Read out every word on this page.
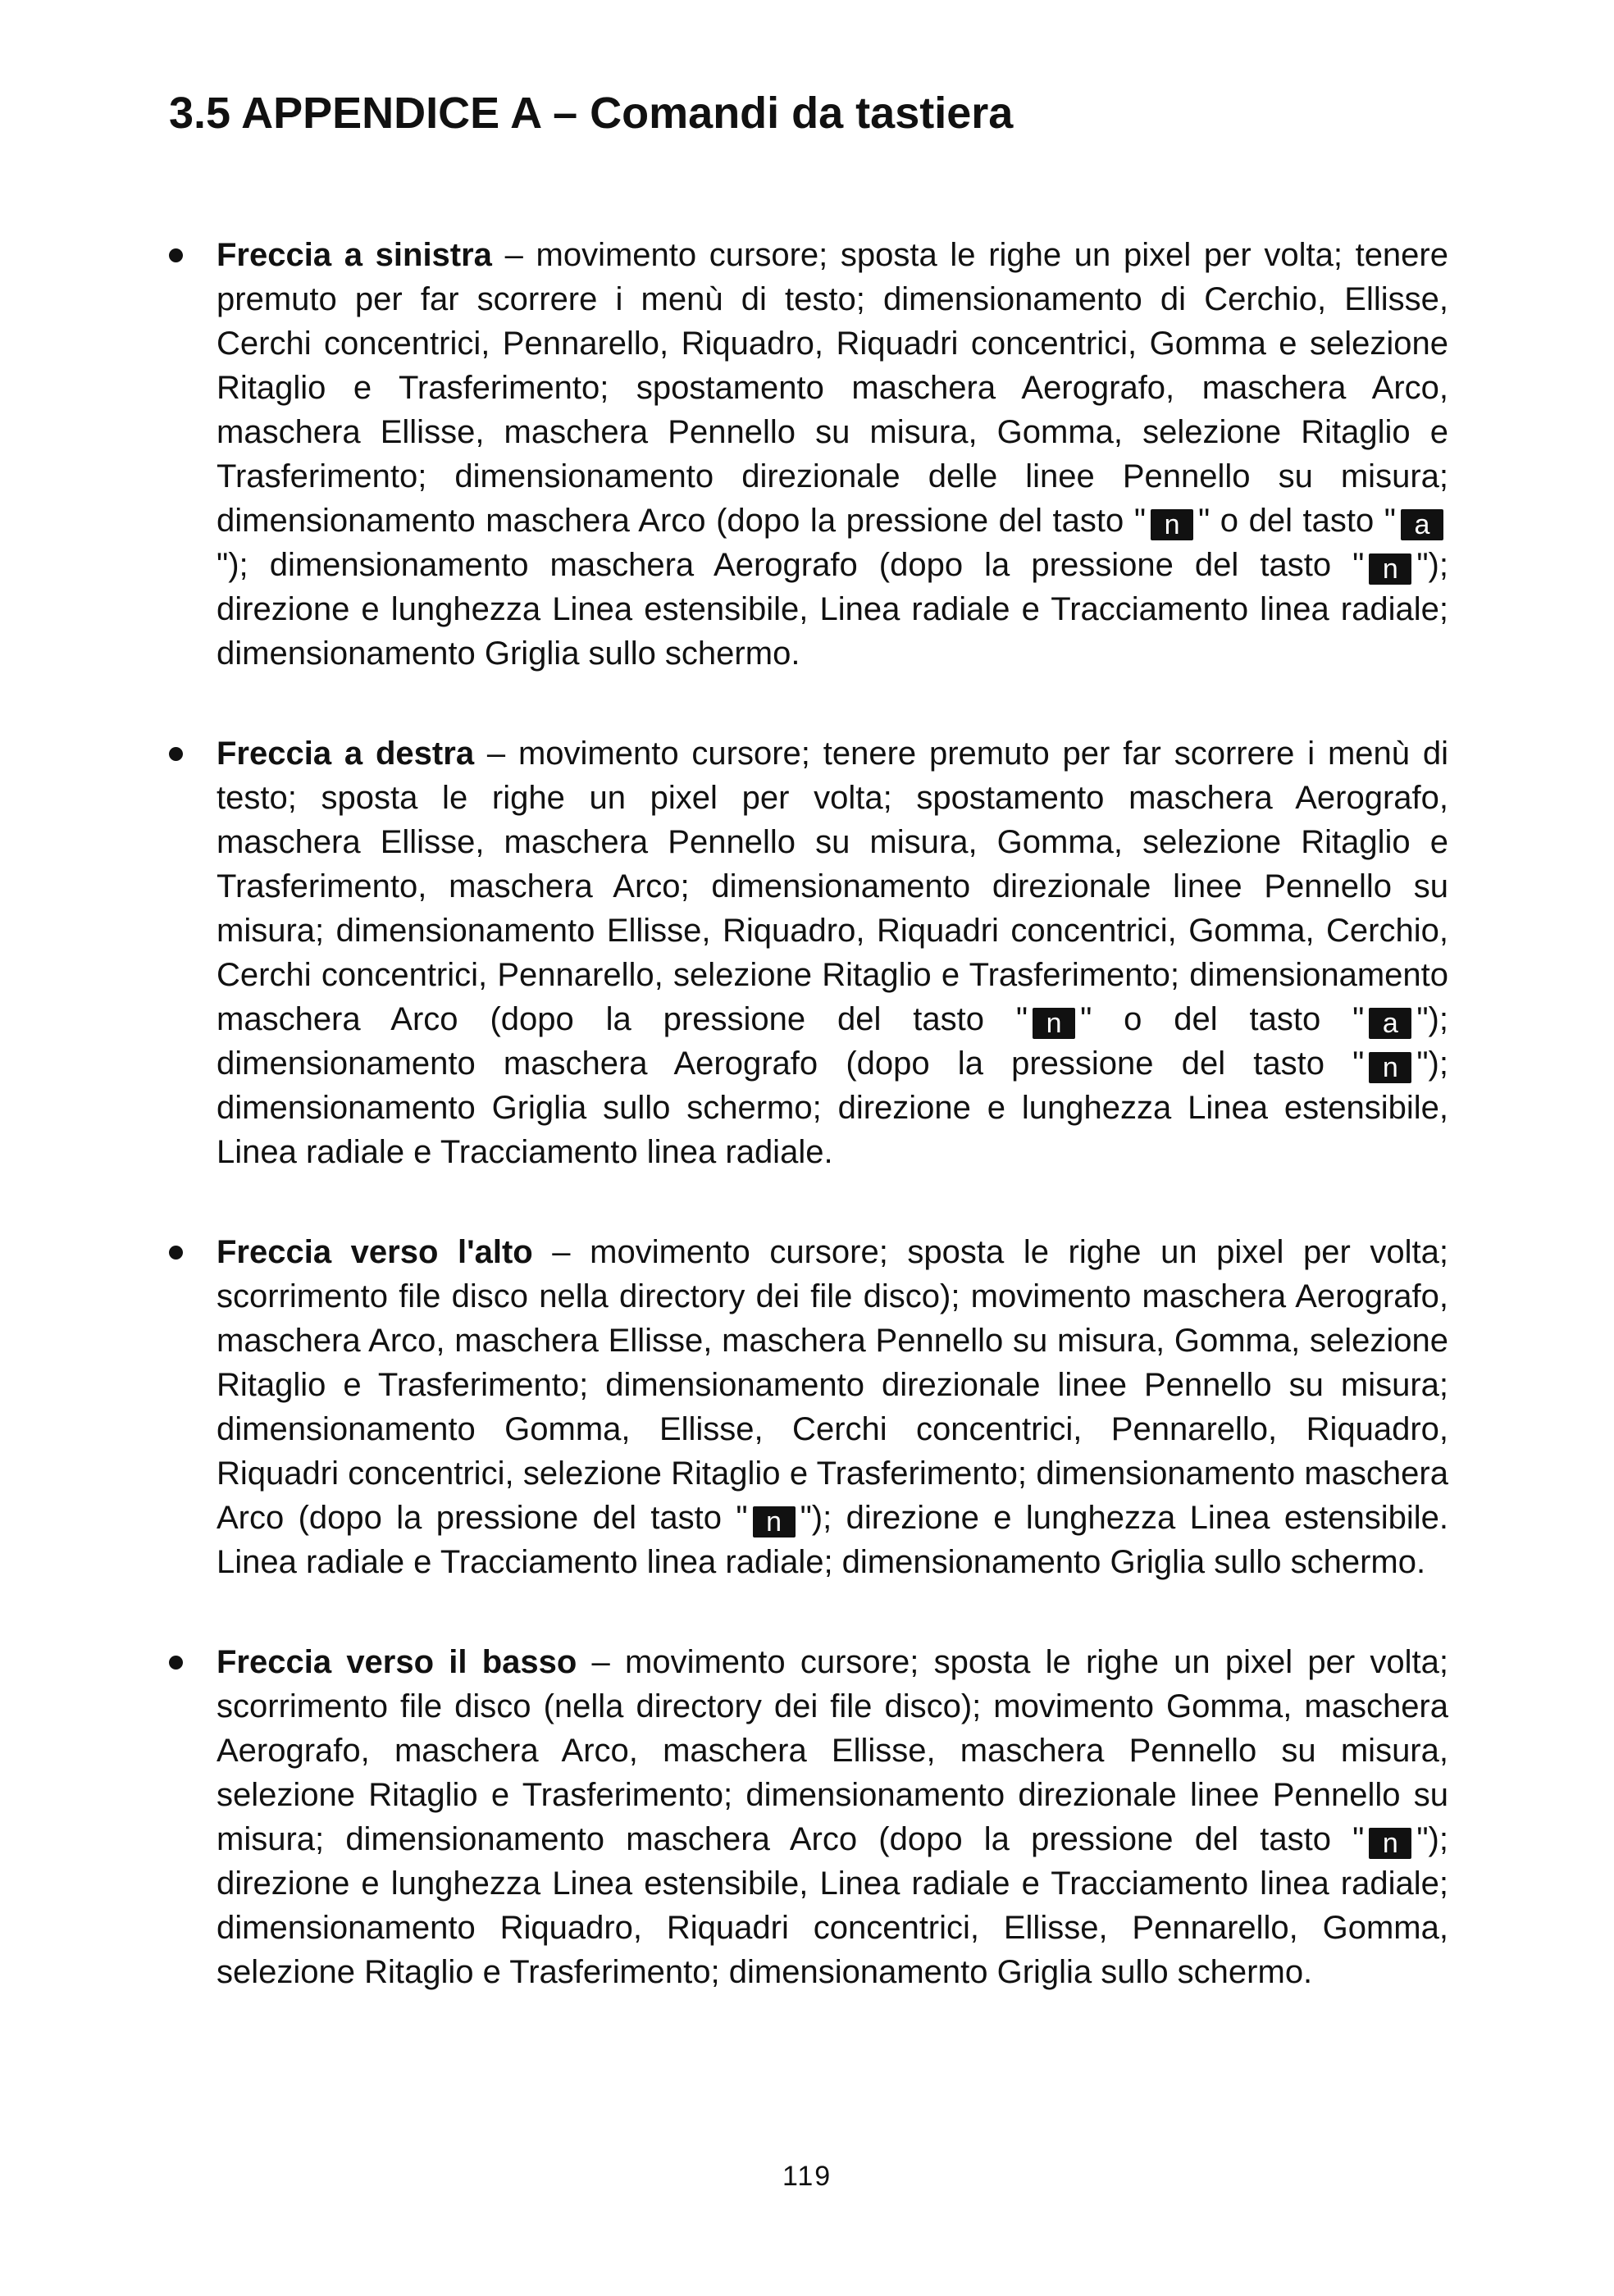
3.5 APPENDICE A – Comandi da tastiera
Freccia a sinistra – movimento cursore; sposta le righe un pixel per volta; tenere premuto per far scorrere i menù di testo; dimensionamento di Cerchio, Ellisse, Cerchi concentrici, Pennarello, Riquadro, Riquadri concentrici, Gomma e selezione Ritaglio e Trasferimento; spostamento maschera Aerografo, maschera Arco, maschera Ellisse, maschera Pennello su misura, Gomma, selezione Ritaglio e Trasferimento; dimensionamento direzionale delle linee Pennello su misura; dimensionamento maschera Arco (dopo la pressione del tasto " n " o del tasto " a"); dimensionamento maschera Aerografo (dopo la pressione del tasto " n "); direzione e lunghezza Linea estensibile, Linea radiale e Tracciamento linea radiale; dimensionamento Griglia sullo schermo.
Freccia a destra – movimento cursore; tenere premuto per far scorrere i menù di testo; sposta le righe un pixel per volta; spostamento maschera Aerografo, maschera Ellisse, maschera Pennello su misura, Gomma, selezione Ritaglio e Trasferimento, maschera Arco; dimensionamento direzionale linee Pennello su misura; dimensionamento Ellisse, Riquadro, Riquadri concentrici, Gomma, Cerchio, Cerchi concentrici, Pennarello, selezione Ritaglio e Trasferimento; dimensionamento maschera Arco (dopo la pressione del tasto " n " o del tasto " a "); dimensionamento maschera Aerografo (dopo la pressione del tasto " n "); dimensionamento Griglia sullo schermo; direzione e lunghezza Linea estensibile, Linea radiale e Tracciamento linea radiale.
Freccia verso l'alto – movimento cursore; sposta le righe un pixel per volta; scorrimento file disco nella directory dei file disco); movimento maschera Aerografo, maschera Arco, maschera Ellisse, maschera Pennello su misura, Gomma, selezione Ritaglio e Trasferimento; dimensionamento direzionale linee Pennello su misura; dimensionamento Gomma, Ellisse, Cerchi concentrici, Pennarello, Riquadro, Riquadri concentrici, selezione Ritaglio e Trasferimento; dimensionamento maschera Arco (dopo la pressione del tasto " n "); direzione e lunghezza Linea estensibile. Linea radiale e Tracciamento linea radiale; dimensionamento Griglia sullo schermo.
Freccia verso il basso – movimento cursore; sposta le righe un pixel per volta; scorrimento file disco (nella directory dei file disco); movimento Gomma, maschera Aerografo, maschera Arco, maschera Ellisse, maschera Pennello su misura, selezione Ritaglio e Trasferimento; dimensionamento direzionale linee Pennello su misura; dimensionamento maschera Arco (dopo la pressione del tasto " n "); direzione e lunghezza Linea estensibile, Linea radiale e Tracciamento linea radiale; dimensionamento Riquadro, Riquadri concentrici, Ellisse, Pennarello, Gomma, selezione Ritaglio e Trasferimento; dimensionamento Griglia sullo schermo.
119
